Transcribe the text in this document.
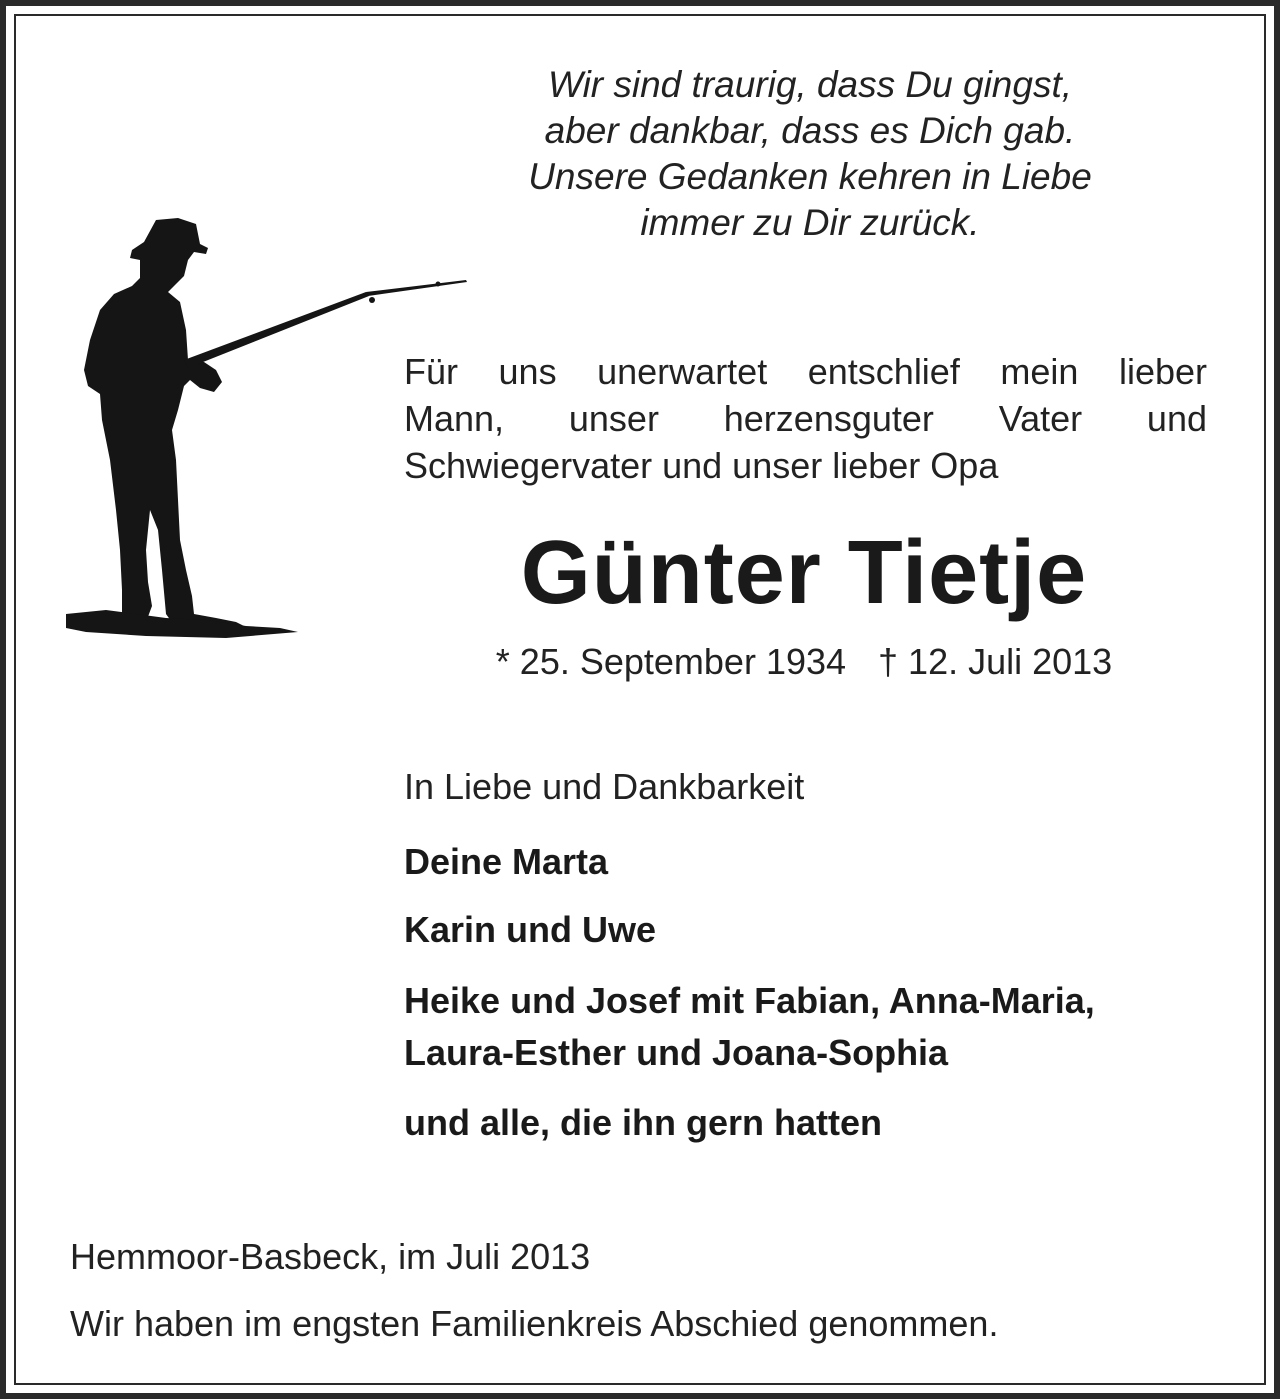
Wir sind traurig, dass Du gingst,
aber dankbar, dass es Dich gab.
Unsere Gedanken kehren in Liebe
immer zu Dir zurück.
Für uns unerwartet entschlief mein lieber
Mann, unser herzensguter Vater und
Schwiegervater und unser lieber Opa
Günter Tietje
* 25. September 1934 † 12. Juli 2013
In Liebe und Dankbarkeit
Deine Marta
Karin und Uwe
Heike und Josef mit Fabian, Anna-Maria,
Laura-Esther und Joana-Sophia
und alle, die ihn gern hatten
Hemmoor-Basbeck, im Juli 2013
Wir haben im engsten Familienkreis Abschied genommen.
